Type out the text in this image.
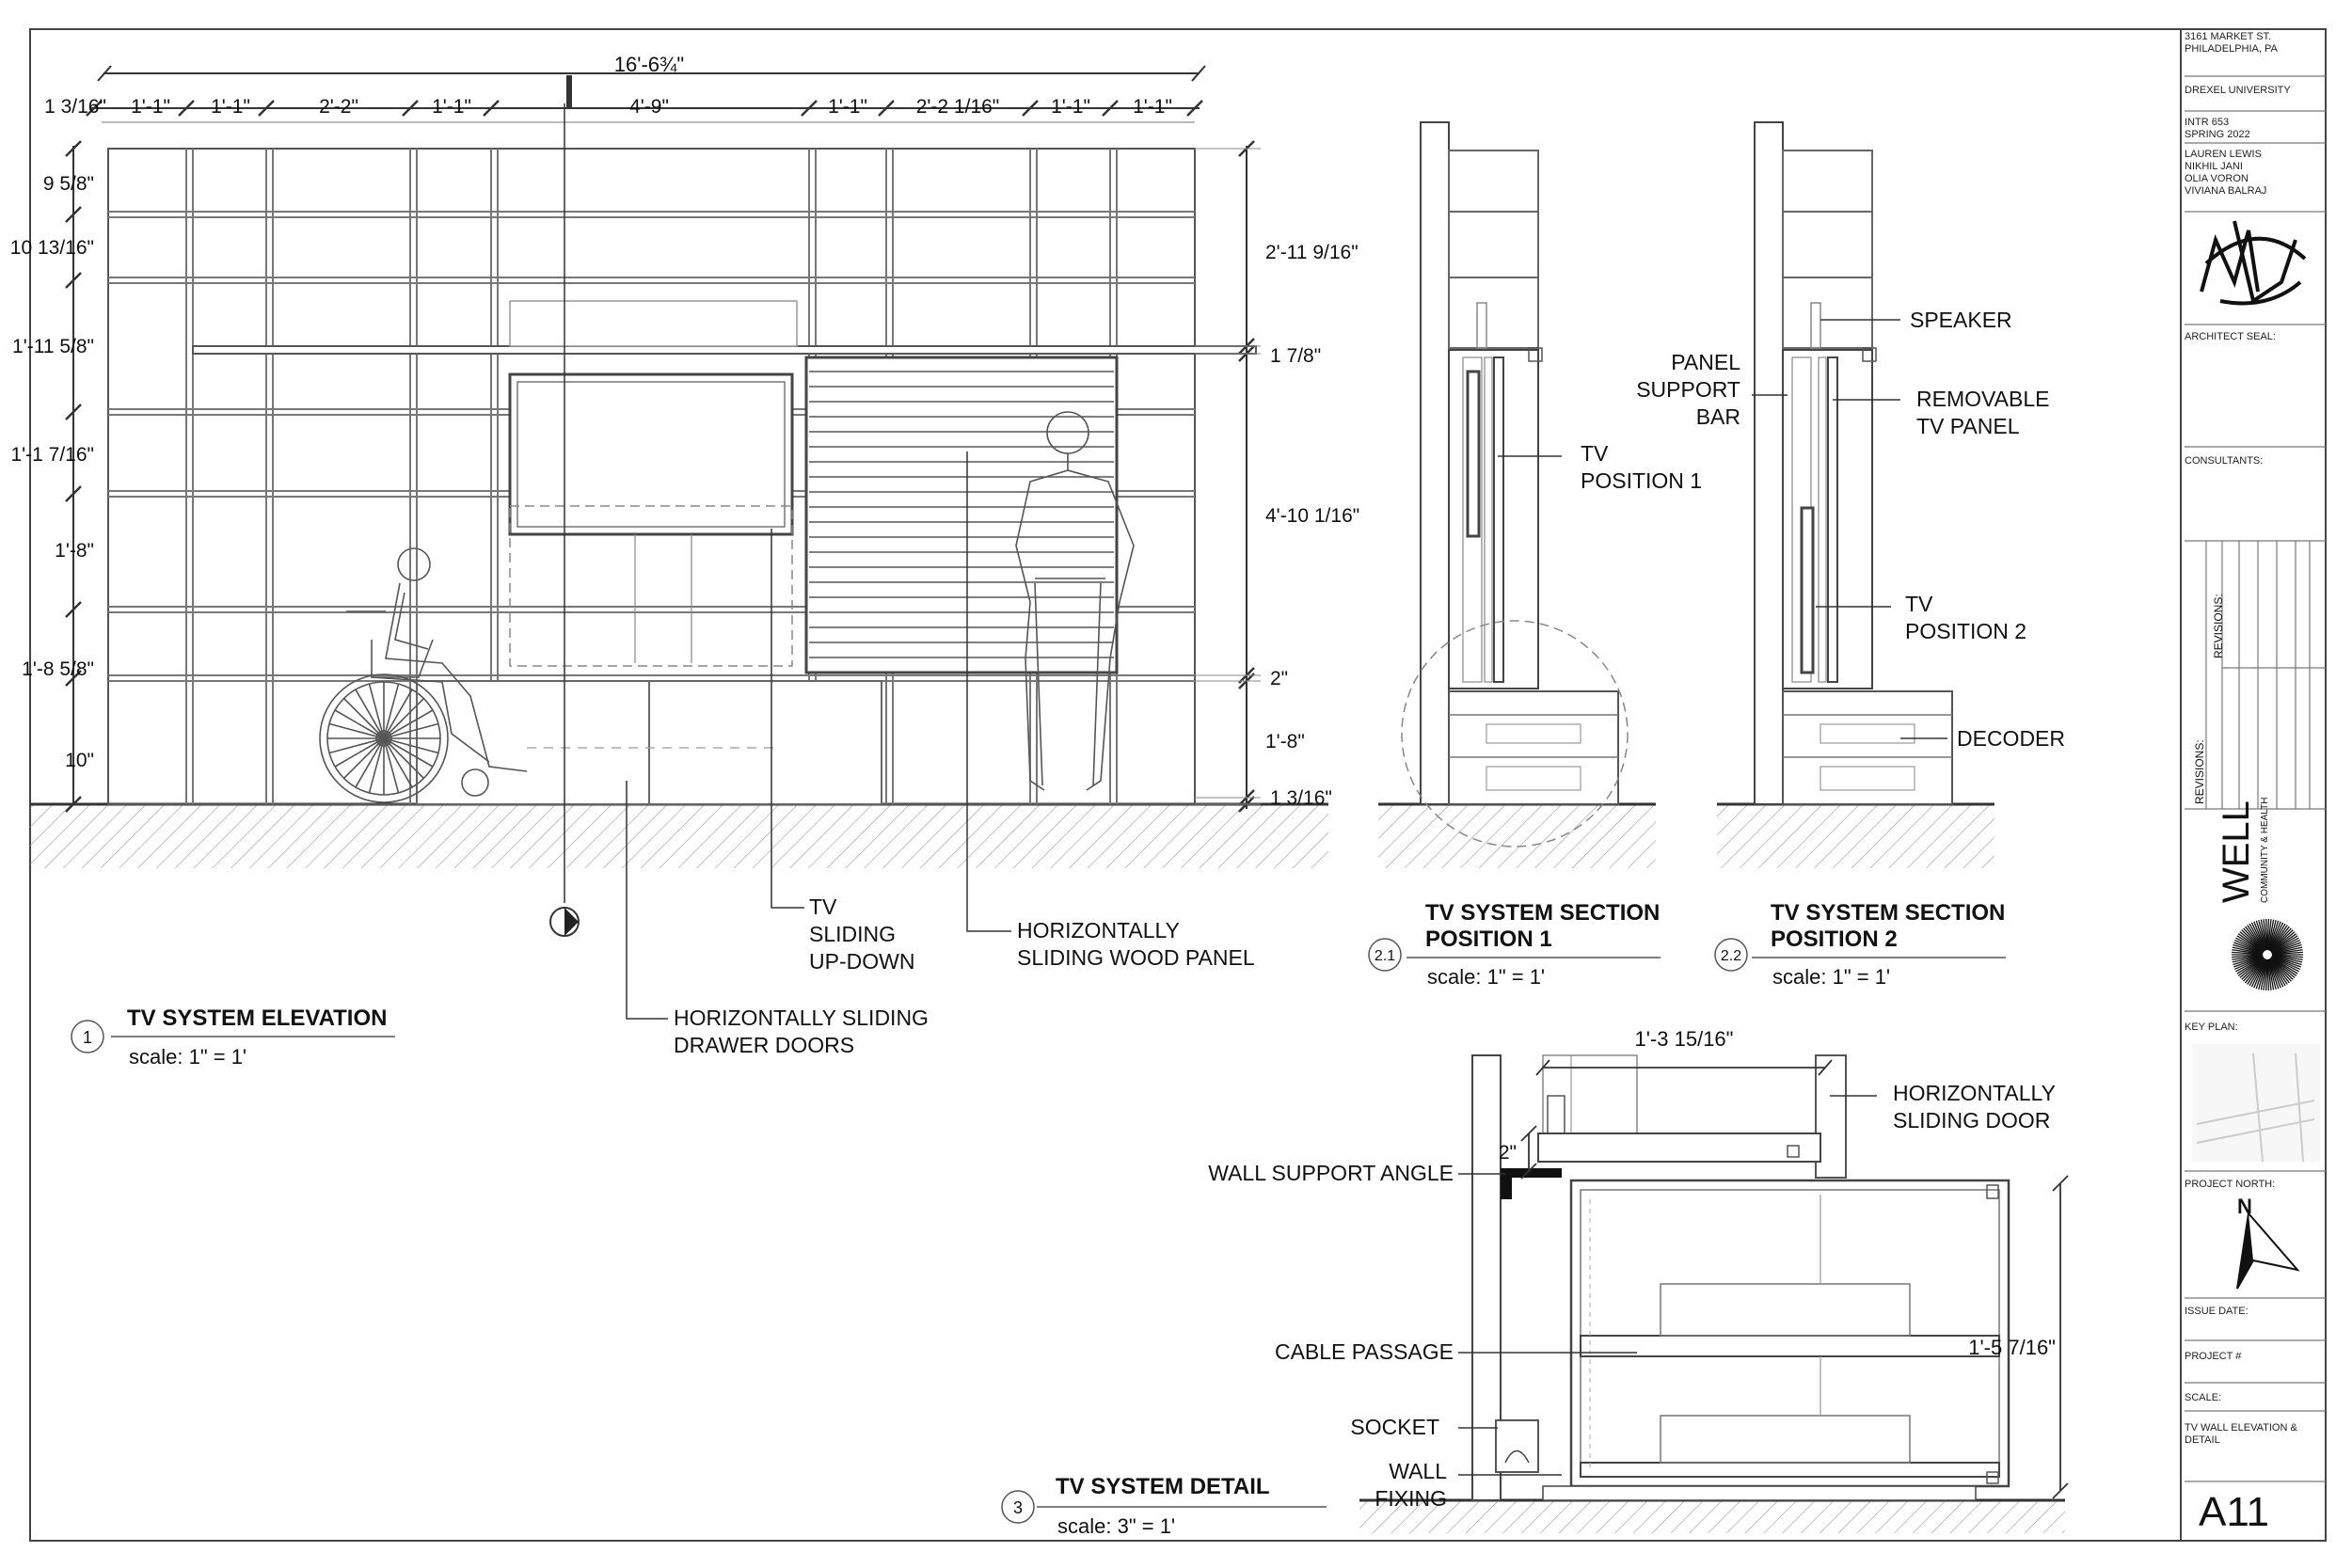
16'-6¾"
1 3/16" 1'-1" 1'-1"	2'-2"	1'-1"	4'-9"	1'-1" 2'-2 1/16"	1'-1" 1'-1"
9 5/8"
10 13/16"
1'-11 5/8"
1'-1 7/16"
1'-8"
1'-8 5/8"
10"
2'-11 9/16"
1 7/8"
4'-10 1/16"
2"
1'-8"
1 3/16"
TV
SLIDING
UP-DOWN
HORIZONTALLY
SLIDING WOOD PANEL
HORIZONTALLY SLIDING
DRAWER DOORS
1
TV SYSTEM ELEVATION
scale: 1" = 1'
TV
POSITION 1
2.1
TV SYSTEM SECTION
POSITION 1
scale: 1" = 1'
SPEAKER
PANEL
SUPPORT
BAR
REMOVABLE
TV PANEL
TV
POSITION 2
DECODER
2.2
TV SYSTEM SECTION
POSITION 2
scale: 1" = 1'
1'-3 15/16"
2"
1'-5 7/16"
HORIZONTALLY
SLIDING DOOR
WALL SUPPORT ANGLE
CABLE PASSAGE
SOCKET
WALL
FIXING
3
TV SYSTEM DETAIL
scale: 3" = 1'
WELL COMMUNITY & HEALTH
REVISIONS:
REVISIONS:
N
A11
3161 MARKET ST.
PHILADELPHIA, PA
DREXEL UNIVERSITY
INTR 653
SPRING 2022
LAUREN LEWIS
NIKHIL JANI
OLIA VORON
VIVIANA BALRAJ
ARCHITECT SEAL:
CONSULTANTS:
KEY PLAN:
PROJECT NORTH:
ISSUE DATE:
PROJECT #
SCALE:
TV WALL ELEVATION &
DETAIL
